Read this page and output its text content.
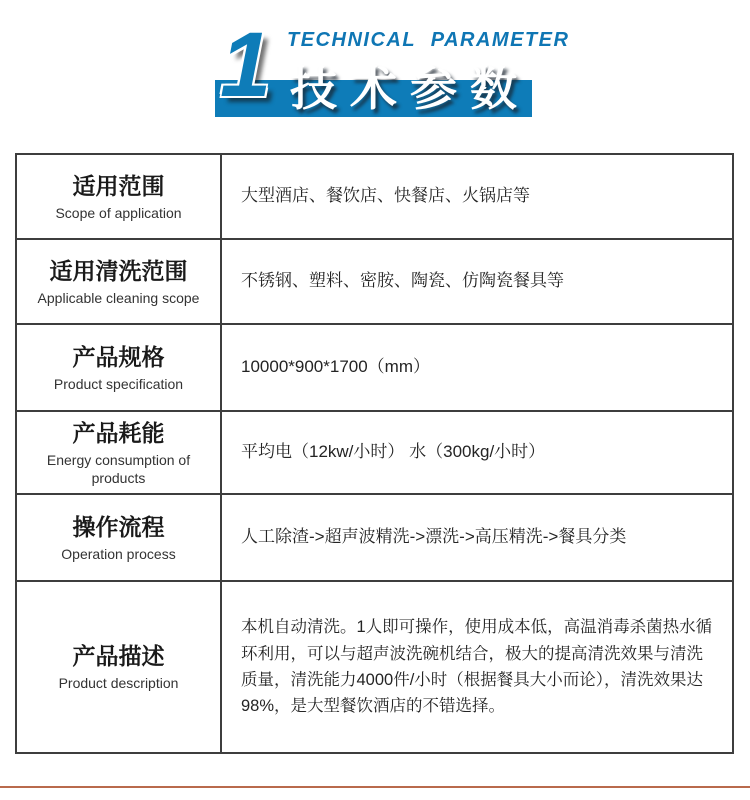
1 TECHNICAL PARAMETER
技术参数
适用范围
Scope of application	大型酒店、餐饮店、快餐店、火锅店等

适用清洗范围
Applicable cleaning scope	不锈钢、塑料、密胺、陶瓷、仿陶瓷餐具等

产品规格
Product specification	10000*900*1700（mm）

产品耗能
Energy consumption of products	平均电（12kw/小时） 水（300kg/小时）

操作流程
Operation process	人工除渣->超声波精洗->漂洗->高压精洗->餐具分类

产品描述
Product description	本机自动清洗。1人即可操作，使用成本低，高温消毒杀菌热水循环利用，可以与超声波洗碗机结合，极大的提高清洗效果与清洗质量，清洗能力4000件/小时（根据餐具大小而论），清洗效果达98%，是大型餐饮酒店的不错选择。
